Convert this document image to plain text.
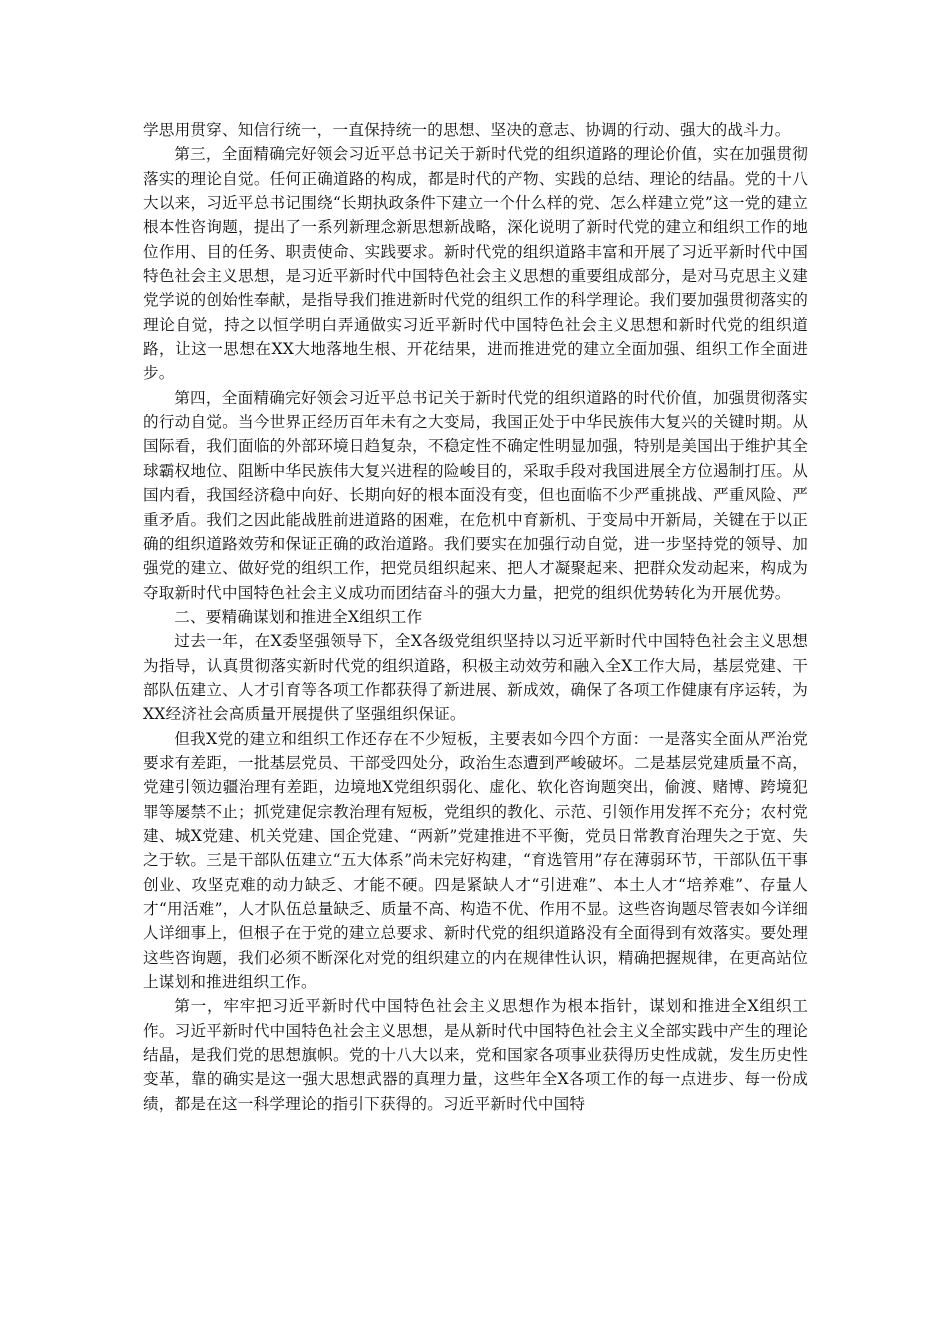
学思用贯穿、知信行统一，一直保持统一的思想、坚决的意志、协调的行动、强大的战斗力。

第三，全面精确完好领会习近平总书记关于新时代党的组织道路的理论价值，实在加强贯彻落实的理论自觉。任何正确道路的构成，都是时代的产物、实践的总结、理论的结晶。党的十八大以来，习近平总书记围绕“长期执政条件下建立一个什么样的党、怎么样建立党”这一党的建立根本性咨询题，提出了一系列新理念新思想新战略，深化说明了新时代党的建立和组织工作的地位作用、目的任务、职责使命、实践要求。新时代党的组织道路丰富和开展了习近平新时代中国特色社会主义思想，是习近平新时代中国特色社会主义思想的重要组成部分，是对马克思主义建党学说的创始性奉献，是指导我们推进新时代党的组织工作的科学理论。我们要加强贯彻落实的理论自觉，持之以恒学明白弄通做实习近平新时代中国特色社会主义思想和新时代党的组织道路，让这一思想在XX大地落地生根、开花结果，进而推进党的建立全面加强、组织工作全面进步。

第四，全面精确完好领会习近平总书记关于新时代党的组织道路的时代价值，加强贯彻落实的行动自觉。当今世界正经历百年未有之大变局，我国正处于中华民族伟大复兴的关键时期。从国际看，我们面临的外部环境日趋复杂，不稳定性不确定性明显加强，特别是美国出于维护其全球霸权地位、阻断中华民族伟大复兴进程的险峻目的，采取手段对我国进展全方位遏制打压。从国内看，我国经济稳中向好、长期向好的根本面没有变，但也面临不少严重挑战、严重风险、严重矛盾。我们之因此能战胜前进道路的困难，在危机中育新机、于变局中开新局，关键在于以正确的组织道路效劳和保证正确的政治道路。我们要实在加强行动自觉，进一步坚持党的领导、加强党的建立、做好党的组织工作，把党员组织起来、把人才凝聚起来、把群众发动起来，构成为夺取新时代中国特色社会主义成功而团结奋斗的强大力量，把党的组织优势转化为开展优势。

二、要精确谋划和推进全X组织工作

过去一年，在X委坚强领导下，全X各级党组织坚持以习近平新时代中国特色社会主义思想为指导，认真贯彻落实新时代党的组织道路，积极主动效劳和融入全X工作大局，基层党建、干部队伍建立、人才引育等各项工作都获得了新进展、新成效，确保了各项工作健康有序运转，为XX经济社会高质量开展提供了坚强组织保证。

但我X党的建立和组织工作还存在不少短板，主要表如今四个方面：一是落实全面从严治党要求有差距，一批基层党员、干部受四处分，政治生态遭到严峻破坏。二是基层党建质量不高，党建引领边疆治理有差距，边境地X党组织弱化、虚化、软化咨询题突出，偷渡、赌博、跨境犯罪等屡禁不止；抓党建促宗教治理有短板，党组织的教化、示范、引领作用发挥不充分；农村党建、城X党建、机关党建、国企党建、“两新”党建推进不平衡，党员日常教育治理失之于宽、失之于软。三是干部队伍建立“五大体系”尚未完好构建，“育选管用”存在薄弱环节，干部队伍干事创业、攻坚克难的动力缺乏、才能不硬。四是紧缺人才“引进难”、本土人才“培养难”、存量人才“用活难”，人才队伍总量缺乏、质量不高、构造不优、作用不显。这些咨询题尽管表如今详细人详细事上，但根子在于党的建立总要求、新时代党的组织道路没有全面得到有效落实。要处理这些咨询题，我们必须不断深化对党的组织建立的内在规律性认识，精确把握规律，在更高站位上谋划和推进组织工作。

第一，牢牢把习近平新时代中国特色社会主义思想作为根本指针，谋划和推进全X组织工作。习近平新时代中国特色社会主义思想，是从新时代中国特色社会主义全部实践中产生的理论结晶，是我们党的思想旗帜。党的十八大以来，党和国家各项事业获得历史性成就，发生历史性变革，靠的确实是这一强大思想武器的真理力量，这些年全X各项工作的每一点进步、每一份成绩，都是在这一科学理论的指引下获得的。习近平新时代中国特
